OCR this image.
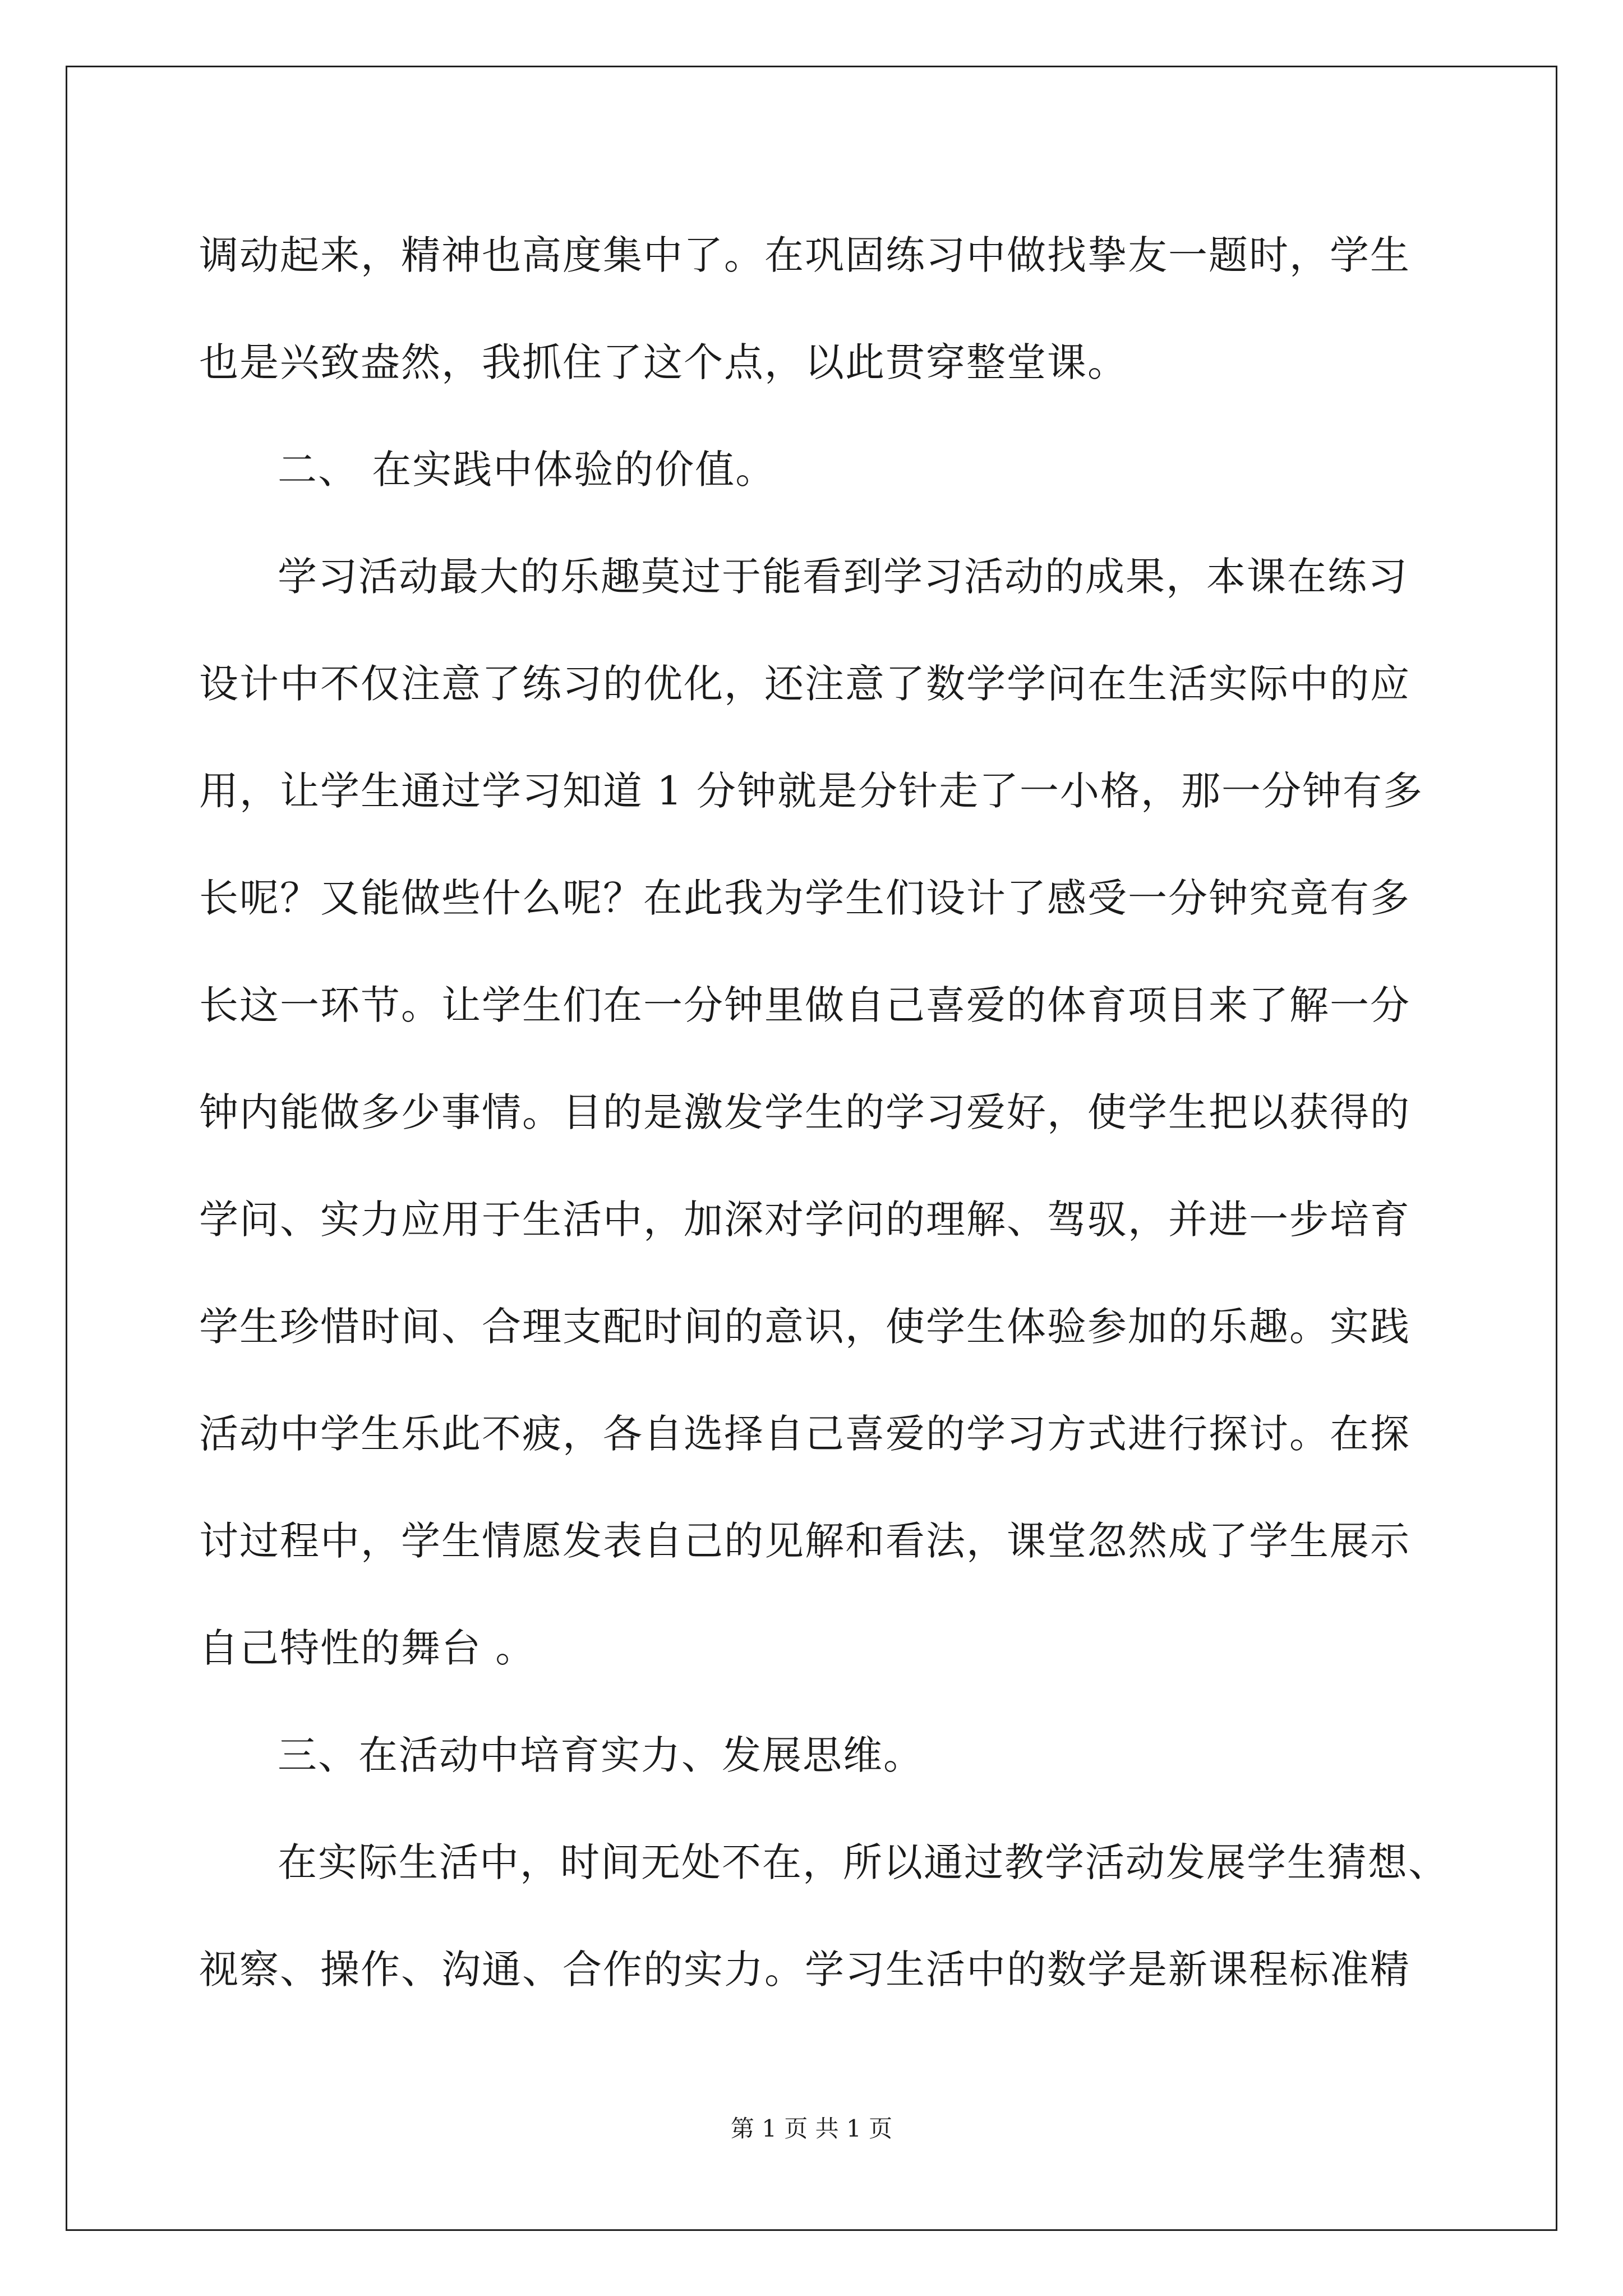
调动起来，精神也高度集中了。在巩固练习中做找挚友一题时，学生
也是兴致盎然，我抓住了这个点，以此贯穿整堂课。
二、 在实践中体验的价值。
学习活动最大的乐趣莫过于能看到学习活动的成果，本课在练习
设计中不仅注意了练习的优化，还注意了数学学问在生活实际中的应
用，让学生通过学习知道 1 分钟就是分针走了一小格，那一分钟有多
长呢？又能做些什么呢？在此我为学生们设计了感受一分钟究竟有多
长这一环节。让学生们在一分钟里做自己喜爱的体育项目来了解一分
钟内能做多少事情。目的是激发学生的学习爱好，使学生把以获得的
学问、实力应用于生活中，加深对学问的理解、驾驭，并进一步培育
学生珍惜时间、合理支配时间的意识，使学生体验参加的乐趣。实践
活动中学生乐此不疲，各自选择自己喜爱的学习方式进行探讨。在探
讨过程中，学生情愿发表自己的见解和看法，课堂忽然成了学生展示
自己特性的舞台 。
三、在活动中培育实力、发展思维。
在实际生活中，时间无处不在，所以通过教学活动发展学生猜想、
视察、操作、沟通、合作的实力。学习生活中的数学是新课程标准精
第 1 页 共 1 页
